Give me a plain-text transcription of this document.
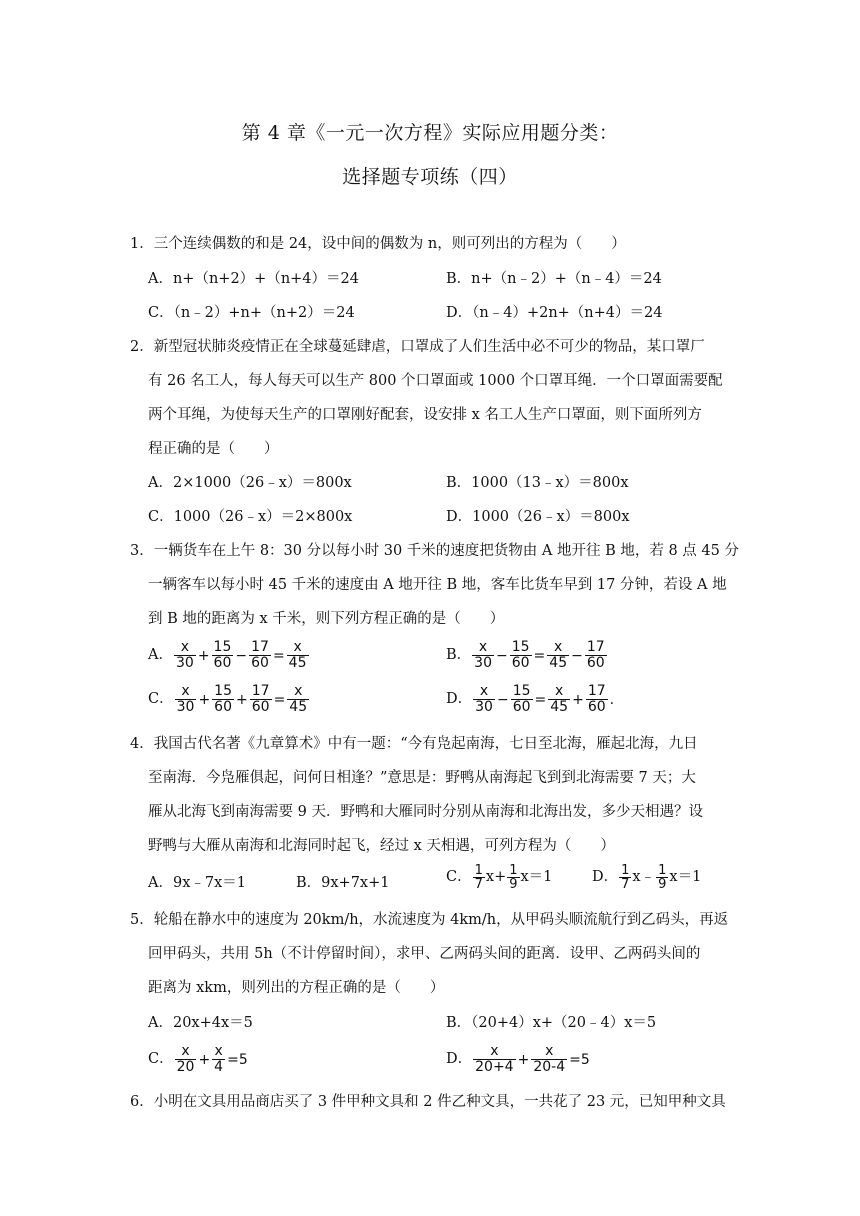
第 4 章《一元一次方程》实际应用题分类：
选择题专项练（四）
1．三个连续偶数的和是 24，设中间的偶数为 n，则可列出的方程为（　　）
A．n+（n+2）+（n+4）＝24	B．n+（n﹣2）+（n﹣4）＝24
C．（n﹣2）+n+（n+2）＝24	D．（n﹣4）+2n+（n+4）＝24
2．新型冠状肺炎疫情正在全球蔓延肆虐，口罩成了人们生活中必不可少的物品，某口罩厂
有 26 名工人，每人每天可以生产 800 个口罩面或 1000 个口罩耳绳．一个口罩面需要配
两个耳绳，为使每天生产的口罩刚好配套，设安排 x 名工人生产口罩面，则下面所列方
程正确的是（　　）
A．2×1000（26﹣x）＝800x	B．1000（13﹣x）＝800x
C．1000（26﹣x）＝2×800x	D．1000（26﹣x）＝800x
3．一辆货车在上午 8：30 分以每小时 30 千米的速度把货物由 A 地开往 B 地，若 8 点 45 分
一辆客车以每小时 45 千米的速度由 A 地开往 B 地，客车比货车早到 17 分钟，若设 A 地
到 B 地的距离为 x 千米，则下列方程正确的是（　　）
A． $\frac{x}{30} + \frac{15}{60} - \frac{17}{60} = \frac{x}{45}$	B． $\frac{x}{30} - \frac{15}{60} = \frac{x}{45} - \frac{17}{60}$
C． $\frac{x}{30} + \frac{15}{60} + \frac{17}{60} = \frac{x}{45}$	D． $\frac{x}{30} - \frac{15}{60} = \frac{x}{45} + \frac{17}{60}$ .
4．我国古代名著《九章算术》中有一题：“今有凫起南海，七日至北海，雁起北海，九日
至南海．今凫雁俱起，问何日相逢？”意思是：野鸭从南海起飞到到北海需要 7 天；大
雁从北海飞到南海需要 9 天．野鸭和大雁同时分别从南海和北海出发，多少天相遇？设
野鸭与大雁从南海和北海同时起飞，经过 x 天相遇，可列方程为（　　）
A．9x﹣7x＝1	B．9x+7x+1	C． $\frac{1}{7} x+ \frac{1}{9} x=1$	D． $\frac{1}{7}$ x﹣ $\frac{1}{9} x=1$
5．轮船在静水中的速度为 20km/h，水流速度为 4km/h，从甲码头顺流航行到乙码头，再返
回甲码头，共用 5h（不计停留时间），求甲、乙两码头间的距离．设甲、乙两码头间的
距离为 xkm，则列出的方程正确的是（　　）
A．20x+4x＝5	B．（20+4）x+（20﹣4）x＝5
C． $\frac{x}{20} + \frac{x}{4} =5$	D． $\frac{x}{20+4} + \frac{x}{20-4} =5$
6．小明在文具用品商店买了 3 件甲种文具和 2 件乙种文具，一共花了 23 元，已知甲种文具
